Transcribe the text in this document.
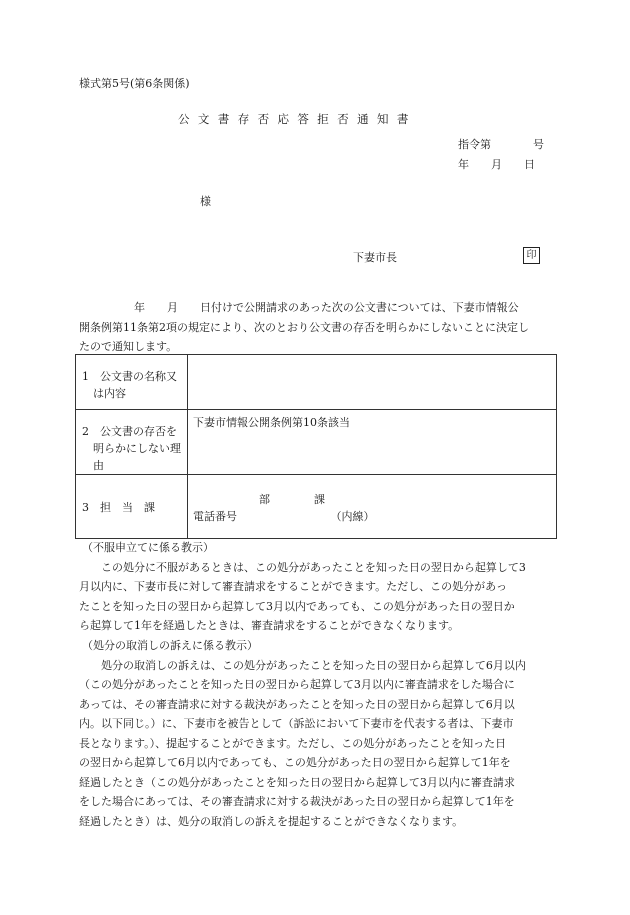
様式第5号(第6条関係)
公文書存否応答拒否通知書
指令第	号
年 月 日
様
下妻市長	印
　　　　　年　　月　　日付けで公開請求のあった次の公文書については、下妻市情報公
開条例第11条第2項の規定により、次のとおり公文書の存否を明らかにしないことに決定し
たので通知します。
1　公文書の名称又
　は内容	

2　公文書の存否を
　明らかにしない理
　由	下妻市情報公開条例第10条該当

3　担　当　課	　　　　　　部　　　　課
電話番号　　　　　　　　　（内線）
（不服申立てに係る教示）
この処分に不服があるときは、この処分があったことを知った日の翌日から起算して3
月以内に、下妻市長に対して審査請求をすることができます。ただし、この処分があっ
たことを知った日の翌日から起算して3月以内であっても、この処分があった日の翌日か
ら起算して1年を経過したときは、審査請求をすることができなくなります。
（処分の取消しの訴えに係る教示）
処分の取消しの訴えは、この処分があったことを知った日の翌日から起算して6月以内
（この処分があったことを知った日の翌日から起算して3月以内に審査請求をした場合に
あっては、その審査請求に対する裁決があったことを知った日の翌日から起算して6月以
内。以下同じ。）に、下妻市を被告として（訴訟において下妻市を代表する者は、下妻市
長となります。）、提起することができます。ただし、この処分があったことを知った日
の翌日から起算して6月以内であっても、この処分があった日の翌日から起算して1年を
経過したとき（この処分があったことを知った日の翌日から起算して3月以内に審査請求
をした場合にあっては、その審査請求に対する裁決があった日の翌日から起算して1年を
経過したとき）は、処分の取消しの訴えを提起することができなくなります。
